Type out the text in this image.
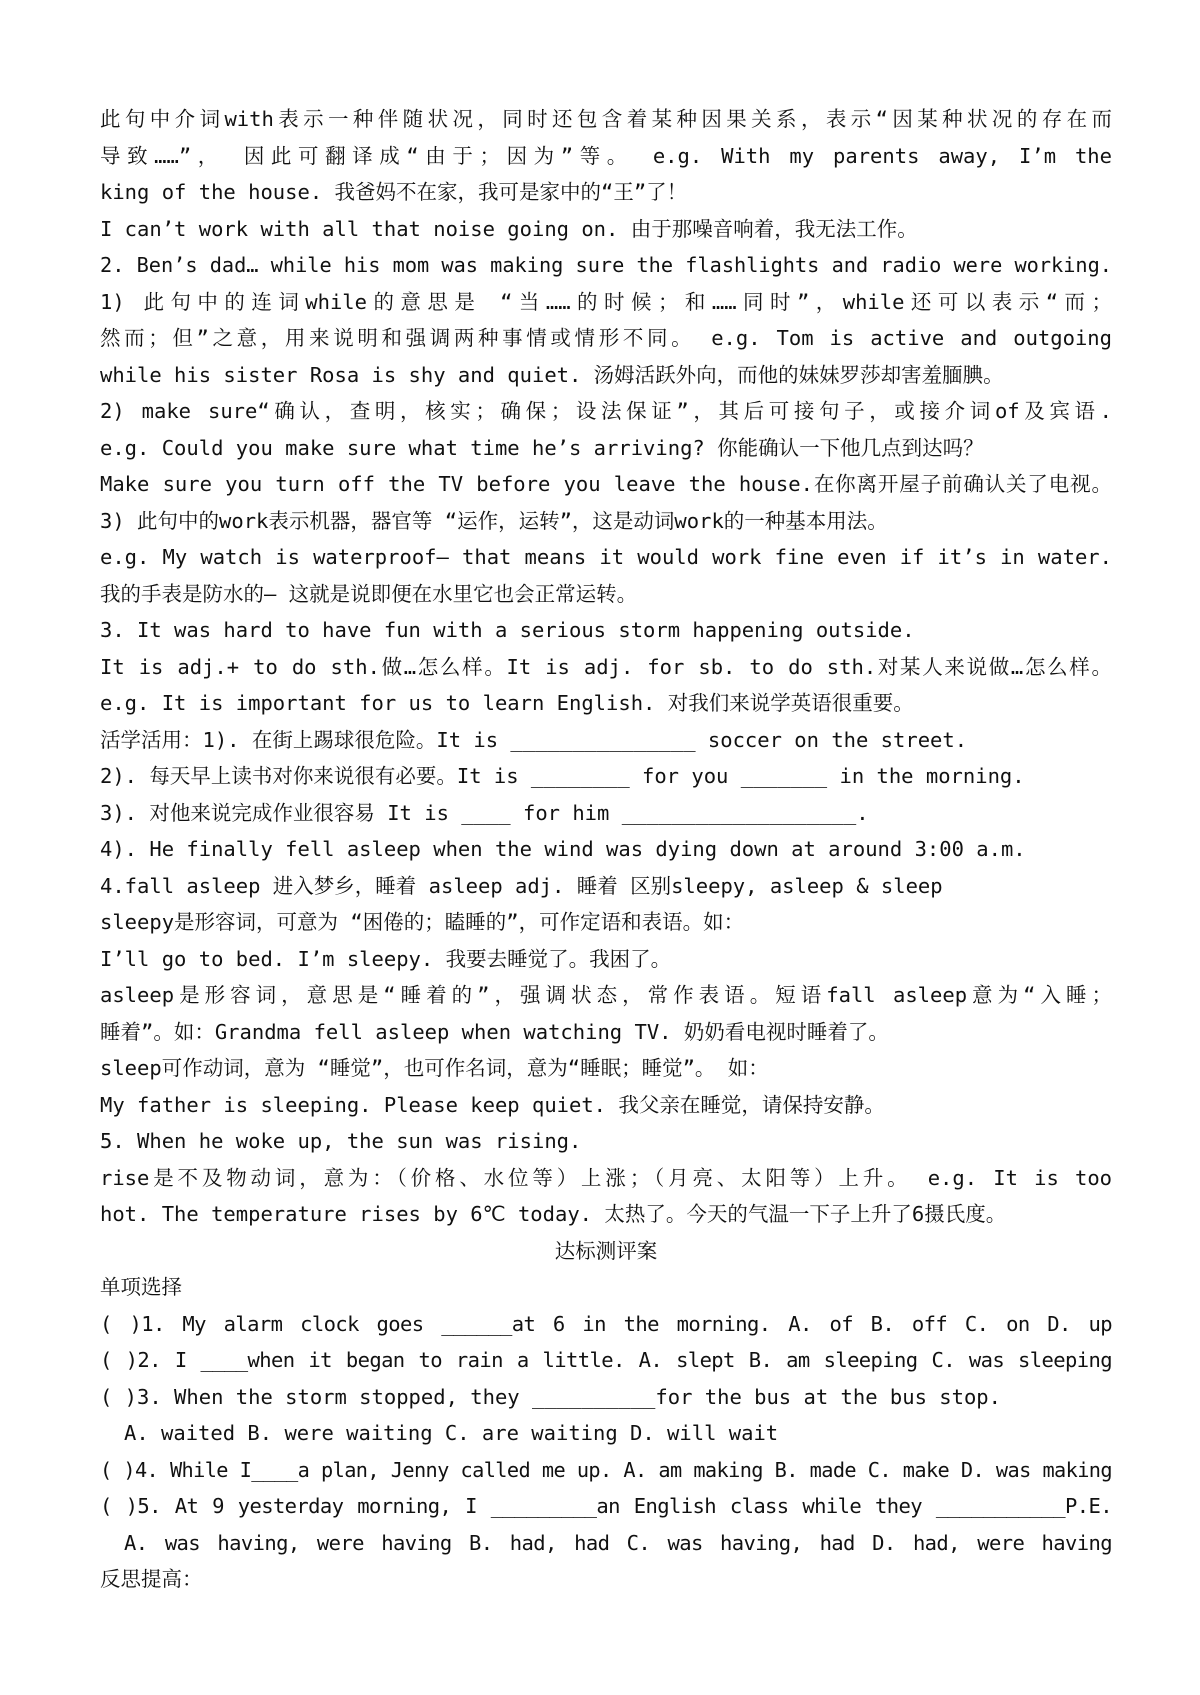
此句中介词with表示一种伴随状况，同时还包含着某种因果关系，表示“因某种状况的存在而
导致……”， 因此可翻译成“由于；因为”等。 e.g. With my parents away, I’m the
king of the house. 我爸妈不在家，我可是家中的“王”了！
I can’t work with all that noise going on. 由于那噪音响着，我无法工作。
2. Ben’s dad… while his mom was making sure the flashlights and radio were working.
1) 此句中的连词while的意思是 “当……的时候；和……同时”，while还可以表示“而；
然而；但”之意，用来说明和强调两种事情或情形不同。 e.g. Tom is active and outgoing
while his sister Rosa is shy and quiet. 汤姆活跃外向，而他的妹妹罗莎却害羞腼腆。
2) make sure“确认，查明，核实；确保；设法保证”，其后可接句子，或接介词of及宾语.
e.g. Could you make sure what time he’s arriving? 你能确认一下他几点到达吗？
Make sure you turn off the TV before you leave the house.在你离开屋子前确认关了电视。
3) 此句中的work表示机器，器官等 “运作，运转”，这是动词work的一种基本用法。
e.g. My watch is waterproof— that means it would work fine even if it’s in water.
我的手表是防水的— 这就是说即便在水里它也会正常运转。
3. It was hard to have fun with a serious storm happening outside.
It is adj.+ to do sth.做…怎么样。It is adj. for sb. to do sth.对某人来说做…怎么样。
e.g. It is important for us to learn English. 对我们来说学英语很重要。
活学活用：1). 在街上踢球很危险。It is _______________ soccer on the street.
2). 每天早上读书对你来说很有必要。It is ________ for you _______ in the morning.
3). 对他来说完成作业很容易 It is ____ for him ___________________.
4). He finally fell asleep when the wind was dying down at around 3:00 a.m.
4.fall asleep 进入梦乡，睡着 asleep adj. 睡着 区别sleepy, asleep & sleep
sleepy是形容词，可意为 “困倦的；瞌睡的”，可作定语和表语。如：
I’ll go to bed. I’m sleepy. 我要去睡觉了。我困了。
asleep是形容词，意思是“睡着的”，强调状态，常作表语。短语fall asleep意为“入睡；
睡着”。如：Grandma fell asleep when watching TV. 奶奶看电视时睡着了。
sleep可作动词，意为 “睡觉”，也可作名词，意为“睡眠；睡觉”。 如：
My father is sleeping. Please keep quiet. 我父亲在睡觉，请保持安静。
5. When he woke up, the sun was rising.
rise是不及物动词，意为：（价格、水位等）上涨；（月亮、太阳等）上升。 e.g. It is too
hot. The temperature rises by 6℃ today. 太热了。今天的气温一下子上升了6摄氏度。
达标测评案
单项选择
( )1. My alarm clock goes ______at 6 in the morning. A. of B. off C. on D. up
( )2. I ____when it began to rain a little. A. slept B. am sleeping C. was sleeping
( )3. When the storm stopped, they __________for the bus at the bus stop.
A. waited B. were waiting C. are waiting D. will wait
( )4. While I____a plan, Jenny called me up. A. am making B. made C. make D. was making
( )5. At 9 yesterday morning, I _________an English class while they ___________P.E.
A. was having, were having B. had, had C. was having, had D. had, were having
反思提高：
